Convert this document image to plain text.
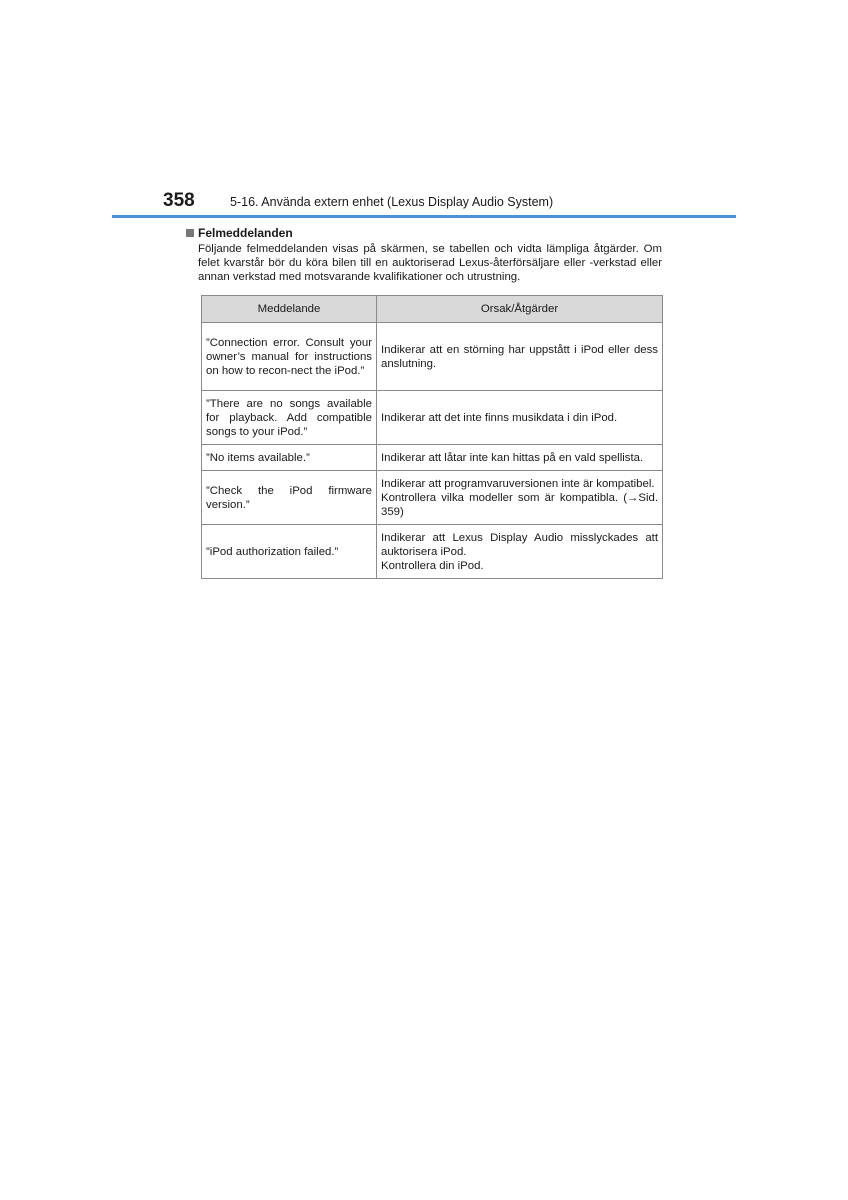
358	5-16. Använda extern enhet (Lexus Display Audio System)
Felmeddelanden
Följande felmeddelanden visas på skärmen, se tabellen och vidta lämpliga åtgärder. Om felet kvarstår bör du köra bilen till en auktoriserad Lexus-återförsäljare eller -verkstad eller annan verkstad med motsvarande kvalifikationer och utrustning.
Meddelande	Orsak/Åtgärder
”Connection error. Consult your owner’s manual for instructions on how to recon-nect the iPod.”	Indikerar att en störning har uppstått i iPod eller dess anslutning.

”There are no songs available for playback. Add compatible songs to your iPod.”	Indikerar att det inte finns musikdata i din iPod.

”No items available.”	Indikerar att låtar inte kan hittas på en vald spellista.

”Check the iPod firmware version.”	Indikerar att programvaruversionen inte är kompatibel.
Kontrollera vilka modeller som är kompatibla. (→Sid. 359)

”iPod authorization failed.”	Indikerar att Lexus Display Audio misslyckades att auktorisera iPod.
Kontrollera din iPod.
